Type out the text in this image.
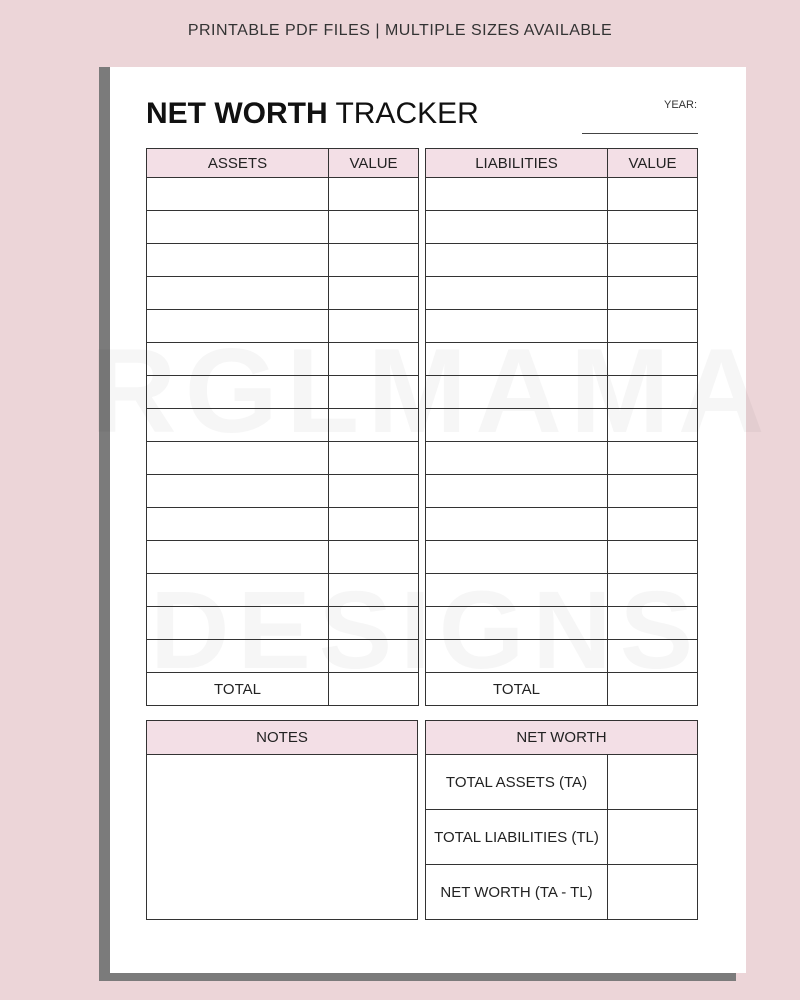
PRINTABLE PDF FILES | MULTIPLE SIZES AVAILABLE
NET WORTH TRACKER	YEAR:
ASSETS	VALUE

TOTAL	
LIABILITIES	VALUE

TOTAL	
NOTES	NET WORTH	
TOTAL ASSETS (TA)	
TOTAL LIABILITIES (TL)	
NET WORTH (TA - TL)	
